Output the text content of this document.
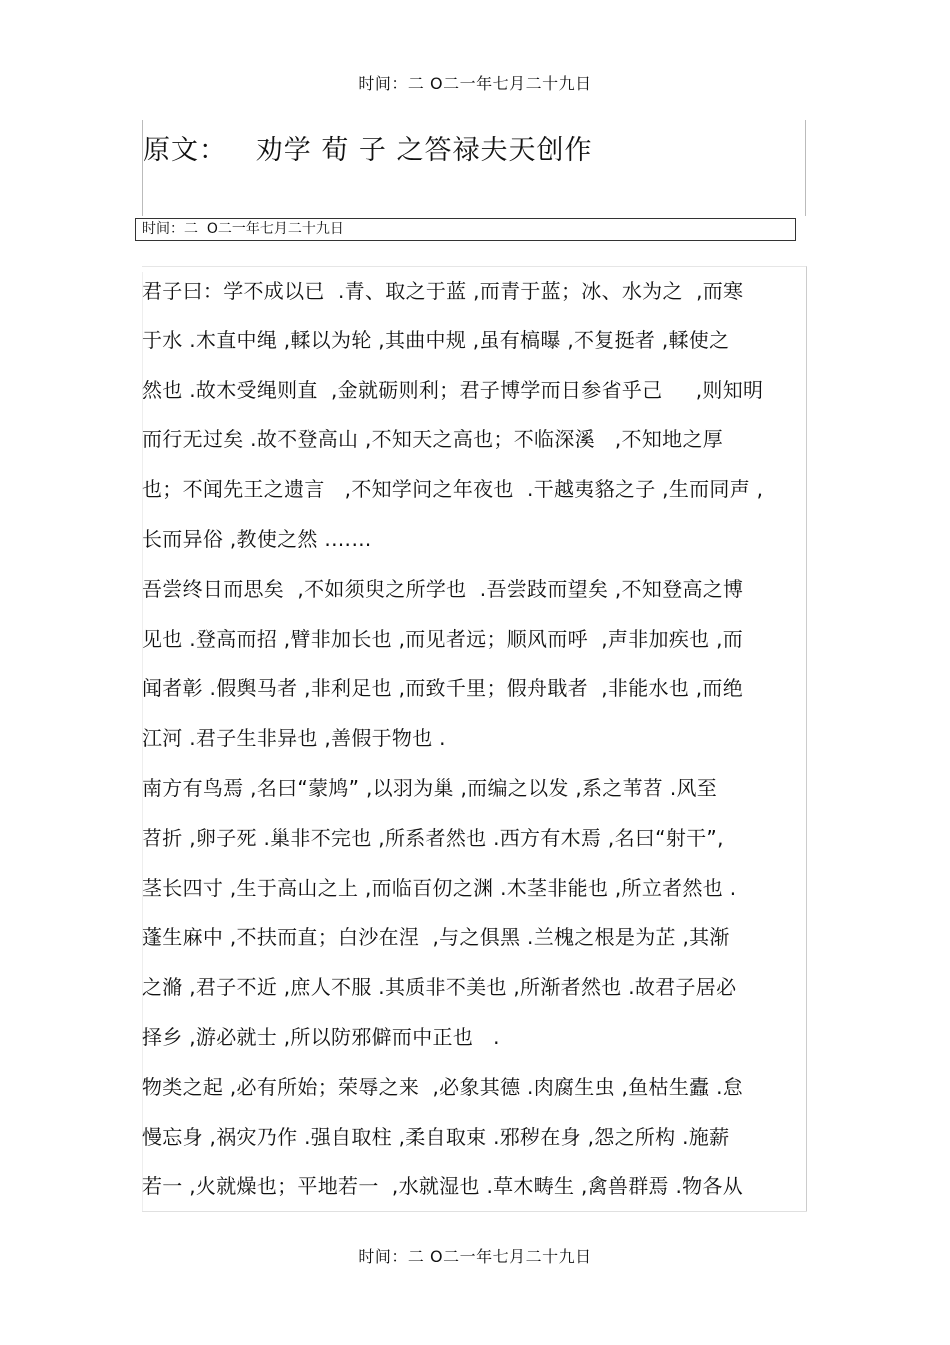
时间：二 O二一年七月二十九日
原文：   劝学 荀 子 之答禄夫天创作
时间：二  O二一年七月二十九日
君子曰：学不成以已  .青、取之于蓝 ,而青于蓝；冰、水为之  ,而寒
于水 .木直中绳 ,輮以为轮 ,其曲中规 ,虽有槁曝 ,不复挺者 ,輮使之
然也 .故木受绳则直  ,金就砺则利；君子博学而日参省乎己     ,则知明
而行无过矣 .故不登高山 ,不知天之高也；不临深溪   ,不知地之厚
也；不闻先王之遗言   ,不知学问之年夜也  .干越夷貉之子 ,生而同声 ,
长而异俗 ,教使之然 .……
吾尝终日而思矣  ,不如须臾之所学也  .吾尝跂而望矣 ,不知登高之博
见也 .登高而招 ,臂非加长也 ,而见者远；顺风而呼  ,声非加疾也 ,而
闻者彰 .假舆马者 ,非利足也 ,而致千里；假舟戢者  ,非能水也 ,而绝
江河 .君子生非异也 ,善假于物也 .
南方有鸟焉 ,名曰“蒙鸠” ,以羽为巢 ,而编之以发 ,系之苇苕 .风至
苕折 ,卵子死 .巢非不完也 ,所系者然也 .西方有木焉 ,名曰“射干”,
茎长四寸 ,生于高山之上 ,而临百仞之渊 .木茎非能也 ,所立者然也 .
蓬生麻中 ,不扶而直；白沙在涅  ,与之俱黑 .兰槐之根是为芷 ,其渐
之滫 ,君子不近 ,庶人不服 .其质非不美也 ,所渐者然也 .故君子居必
择乡 ,游必就士 ,所以防邪僻而中正也   .
物类之起 ,必有所始；荣辱之来  ,必象其德 .肉腐生虫 ,鱼枯生蠹 .怠
慢忘身 ,祸灾乃作 .强自取柱 ,柔自取束 .邪秽在身 ,怨之所构 .施薪
若一 ,火就燥也；平地若一  ,水就湿也 .草木畴生 ,禽兽群焉 .物各从
时间：二 O二一年七月二十九日
